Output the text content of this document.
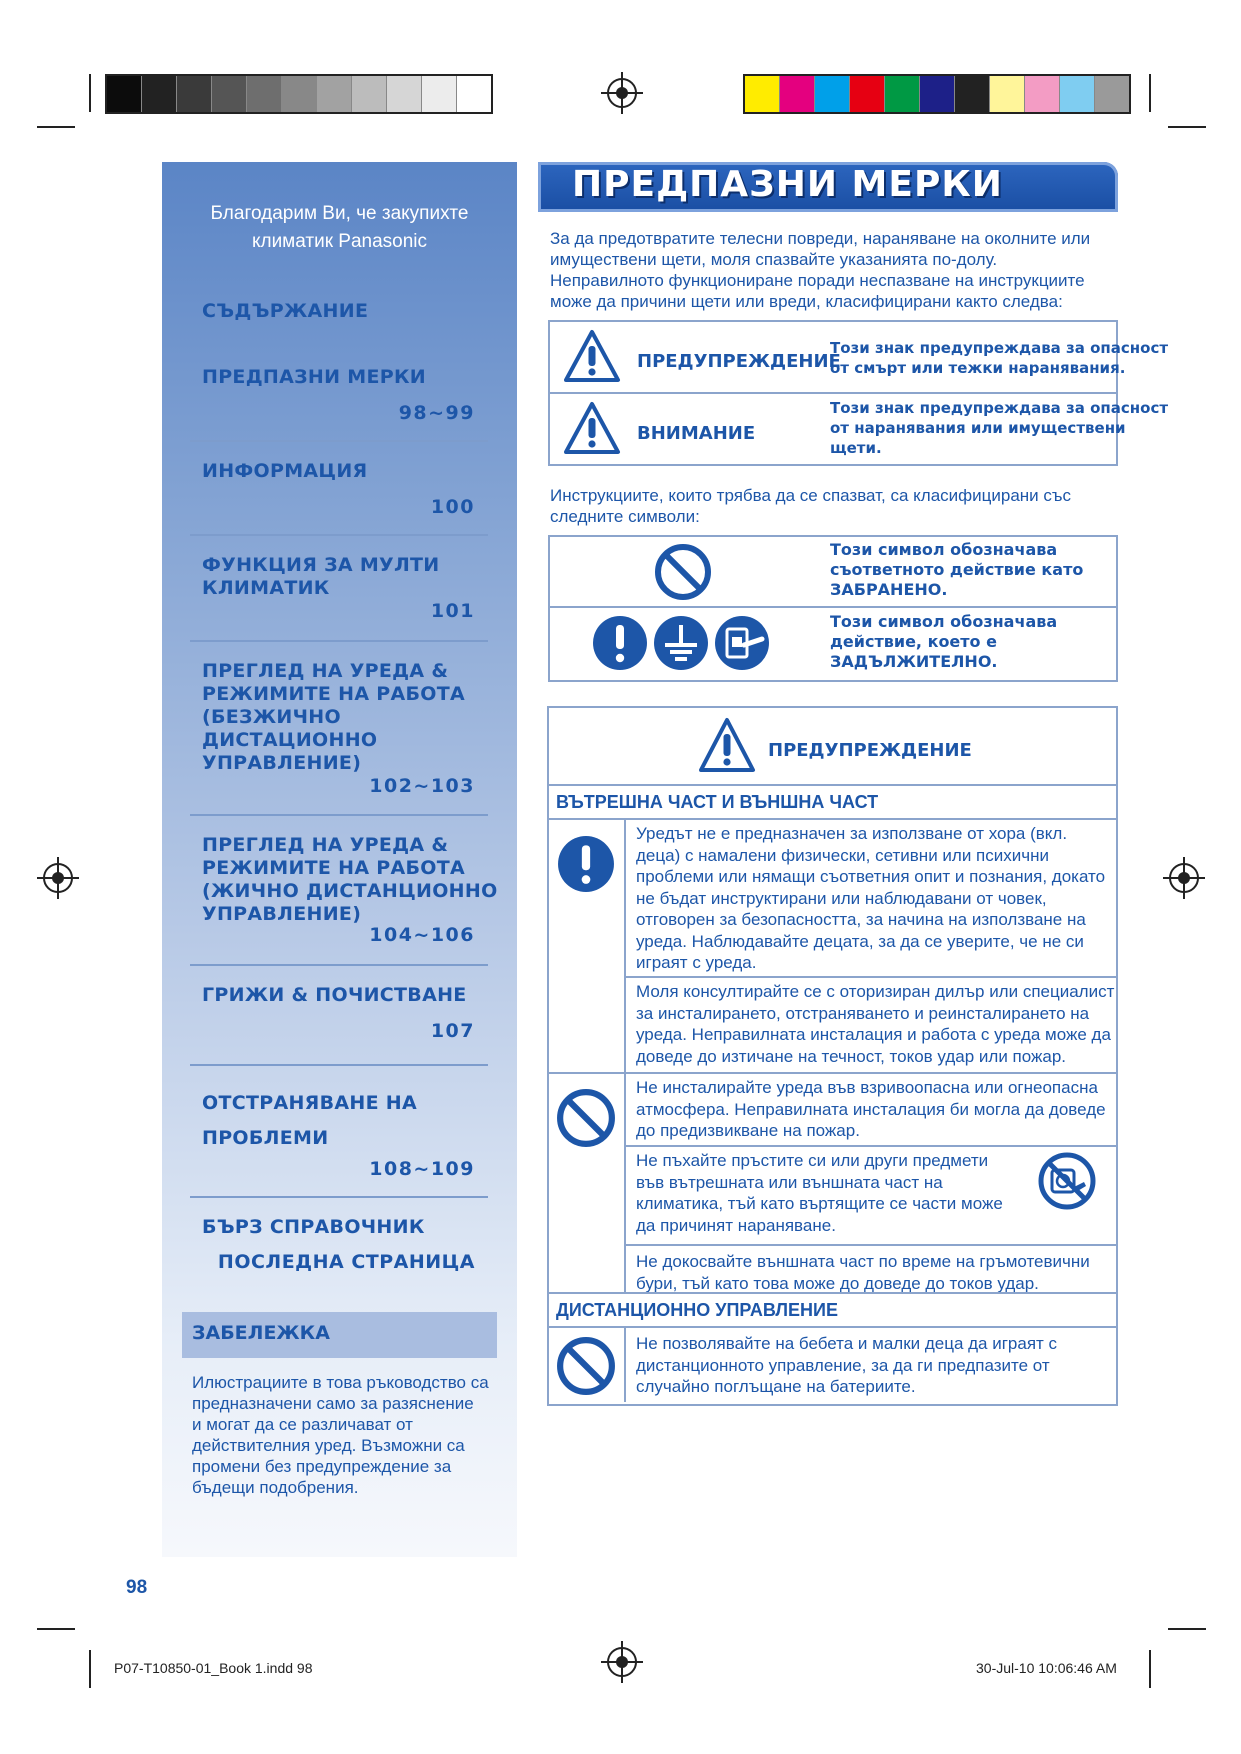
Благодарим Ви, че закупихте
климатик Panasonic
СЪДЪРЖАНИЕ
ПРЕДПАЗНИ МЕРКИ
98~99
ИНФОРМАЦИЯ
100
ФУНКЦИЯ ЗА МУЛТИ
КЛИМАТИК
101
ПРЕГЛЕД НА УРЕДА &
РЕЖИМИТЕ НА РАБОТА
(БЕЗЖИЧНО
ДИСТАЦИОННО
УПРАВЛЕНИЕ)
102~103
ПРЕГЛЕД НА УРЕДА &
РЕЖИМИТЕ НА РАБОТА
(ЖИЧНО ДИСТАНЦИОННО
УПРАВЛЕНИЕ)
104~106
ГРИЖИ & ПОЧИСТВАНЕ
107
ОТСТРАНЯВАНЕ НА
ПРОБЛЕМИ
108~109
БЪРЗ СПРАВОЧНИК
ПОСЛЕДНА СТРАНИЦА
ЗАБЕЛЕЖКА
Илюстрациите в това ръководство са
предназначени само за разяснение
и могат да се различават от
действителния уред. Възможни са
промени без предупреждение за
бъдещи подобрения.
98
ПРЕДПАЗНИ МЕРКИ
За да предотвратите телесни повреди, нараняване на околните или
имуществени щети, моля спазвайте указанията по-долу.
Неправилното функциониране поради неспазване на инструкциите
може да причини щети или вреди, класифицирани както следва:
ПРЕДУПРЕЖДЕНИЕ
Този знак предупреждава за опасност
от смърт или тежки наранявания.
ВНИМАНИЕ
Този знак предупреждава за опасност
от наранявания или имуществени
щети.
Инструкциите, които трябва да се спазват, са класифицирани със
следните символи:
Този символ обозначава
съответното действие като
ЗАБРАНЕНО.
Този символ обозначава
действие, което е
ЗАДЪЛЖИТЕЛНО.
ПРЕДУПРЕЖДЕНИЕ
ВЪТРЕШНА ЧАСТ И ВЪНШНА ЧАСТ
Уредът не е предназначен за използване от хора (вкл.
деца) с намалени физически, сетивни или психични
проблеми или нямащи съответния опит и познания, докато
не бъдат инструктирани или наблюдавани от човек,
отговорен за безопасността, за начина на използване на
уреда. Наблюдавайте децата, за да се уверите, че не си
играят с уреда.
Моля консултирайте се с оторизиран дилър или специалист
за инсталирането, отстраняването и реинсталирането на
уреда. Неправилната инсталация и работа с уреда може да
доведе до изтичане на течност, токов удар или пожар.
Не инсталирайте уреда във взривоопасна или огнеопасна
атмосфера. Неправилната инсталация би могла да доведе
до предизвикване на пожар.
Не пъхайте пръстите си или други предмети
във вътрешната или външната част на
климатика, тъй като въртящите се части може
да причинят нараняване.
Не докосвайте външната част по време на гръмотевични
бури, тъй като това може до доведе до токов удар.
ДИСТАНЦИОННО УПРАВЛЕНИЕ
Не позволявайте на бебета и малки деца да играят с
дистанционното управление, за да ги предпазите от
случайно поглъщане на батериите.
P07-T10850-01_Book 1.indd 98	30-Jul-10 10:06:46 AM
